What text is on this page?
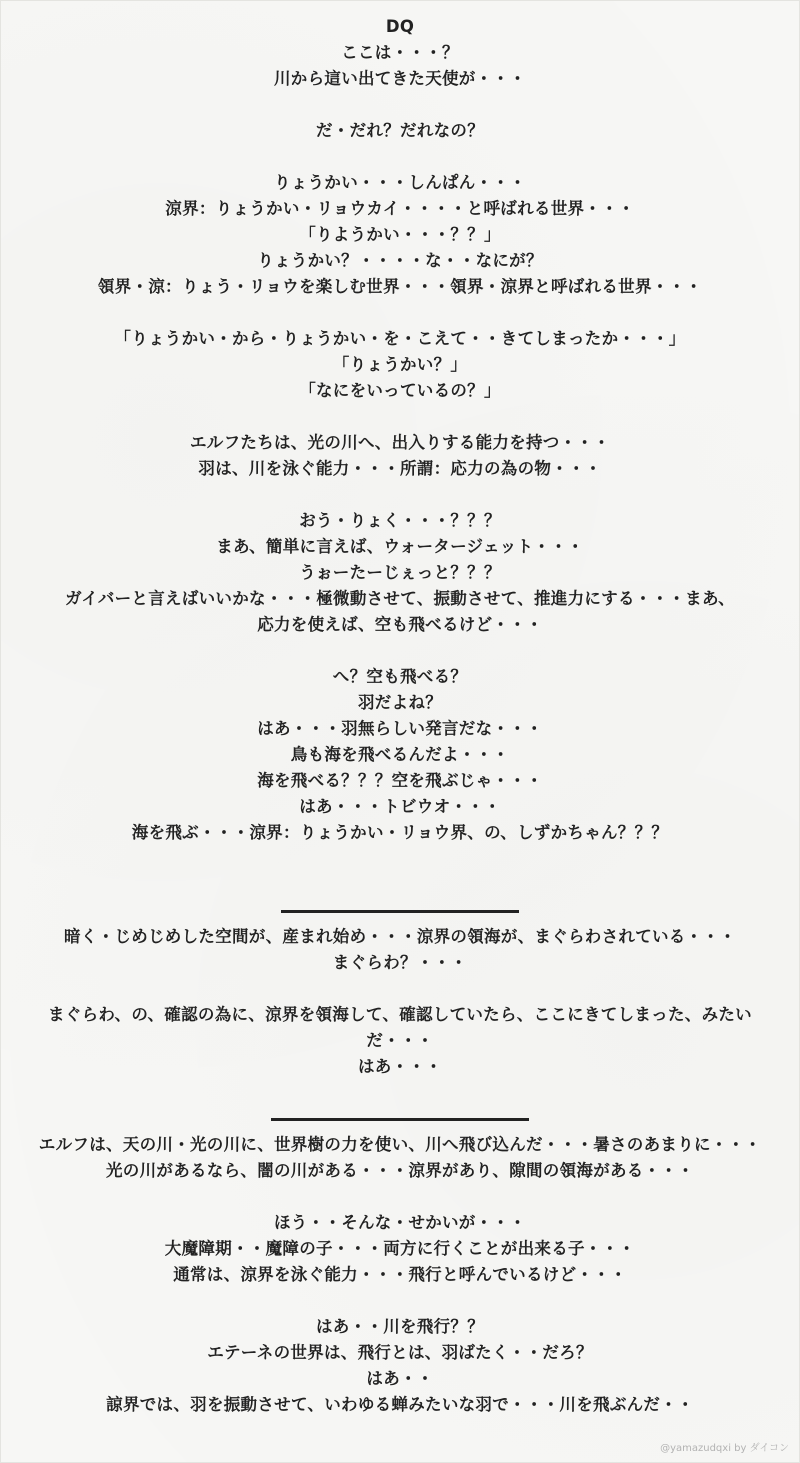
DQ
ここは・・・？
川から這い出てきた天使が・・・
だ・だれ？だれなの？
りょうかい・・・しんぱん・・・
涼界：りょうかい・リョウカイ・・・・と呼ばれる世界・・・
「りようかい・・・？？」
りょうかい？・・・・な・・なにが？
領界・涼：りょう・リョウを楽しむ世界・・・領界・涼界と呼ばれる世界・・・
「りょうかい・から・りょうかい・を・こえて・・きてしまったか・・・」
「りょうかい？」
「なにをいっているの？」
エルフたちは、光の川へ、出入りする能力を持つ・・・
羽は、川を泳ぐ能力・・・所謂：応力の為の物・・・
おう・りょく・・・？？？
まあ、簡単に言えば、ウォータージェット・・・
うぉーたーじぇっと？？？
ガイバーと言えばいいかな・・・極微動させて、振動させて、推進力にする・・・まあ、
応力を使えば、空も飛べるけど・・・
へ？空も飛べる？
羽だよね？
はあ・・・羽無らしい発言だな・・・
鳥も海を飛べるんだよ・・・
海を飛べる？？？空を飛ぶじゃ・・・
はあ・・・トビウオ・・・
海を飛ぶ・・・涼界：りょうかい・リョウ界、の、しずかちゃん？？？
暗く・じめじめした空間が、産まれ始め・・・涼界の領海が、まぐらわされている・・・
まぐらわ？・・・
まぐらわ、の、確認の為に、涼界を領海して、確認していたら、ここにきてしまった、みたいだ・・・
はあ・・・
エルフは、天の川・光の川に、世界樹の力を使い、川へ飛び込んだ・・・暑さのあまりに・・・
光の川があるなら、闇の川がある・・・涼界があり、隙間の領海がある・・・
ほう・・そんな・せかいが・・・
大魔障期・・魔障の子・・・両方に行くことが出来る子・・・
通常は、涼界を泳ぐ能力・・・飛行と呼んでいるけど・・・
はあ・・川を飛行？？
エテーネの世界は、飛行とは、羽ばたく・・だろ？
はあ・・
諒界では、羽を振動させて、いわゆる蝉みたいな羽で・・・川を飛ぶんだ・・
@yamazudqxi by ダイコン
